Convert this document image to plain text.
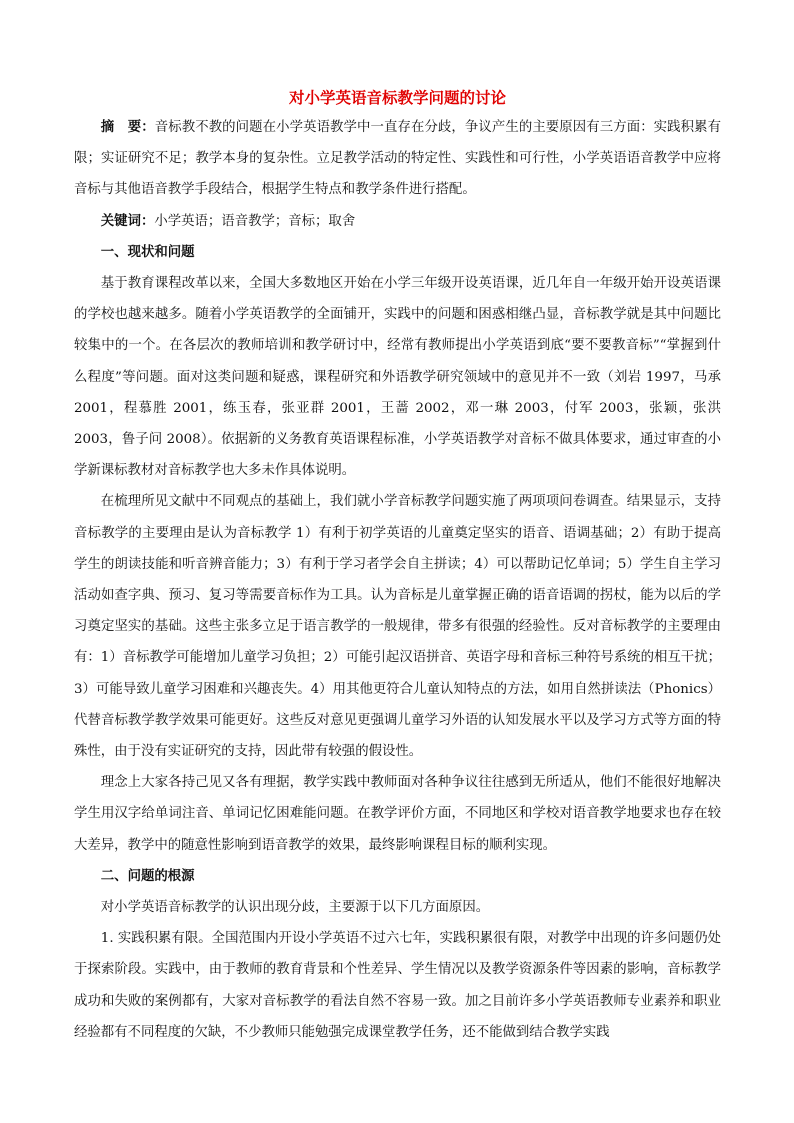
对小学英语音标教学问题的讨论

摘　要：音标教不教的问题在小学英语教学中一直存在分歧，争议产生的主要原因有三方面：实践积累有限；实证研究不足；教学本身的复杂性。立足教学活动的特定性、实践性和可行性，小学英语语音教学中应将音标与其他语音教学手段结合，根据学生特点和教学条件进行搭配。

关键词：小学英语；语音教学；音标；取舍

一、现状和问题

基于教育课程改革以来，全国大多数地区开始在小学三年级开设英语课，近几年自一年级开始开设英语课的学校也越来越多。随着小学英语教学的全面铺开，实践中的问题和困惑相继凸显，音标教学就是其中问题比较集中的一个。在各层次的教师培训和教学研讨中，经常有教师提出小学英语到底“要不要教音标”“掌握到什么程度”等问题。面对这类问题和疑惑，课程研究和外语教学研究领域中的意见并不一致（刘岩 1997，马承 2001，程慕胜 2001，练玉春，张亚群 2001，王蔷 2002，邓一琳 2003，付军 2003，张颖，张洪 2003，鲁子问 2008）。依据新的义务教育英语课程标准，小学英语教学对音标不做具体要求，通过审查的小学新课标教材对音标教学也大多未作具体说明。

在梳理所见文献中不同观点的基础上，我们就小学音标教学问题实施了两项项问卷调查。结果显示，支持音标教学的主要理由是认为音标教学 1）有利于初学英语的儿童奠定坚实的语音、语调基础；2）有助于提高学生的朗读技能和听音辨音能力；3）有利于学习者学会自主拼读；4）可以帮助记忆单词；5）学生自主学习活动如查字典、预习、复习等需要音标作为工具。认为音标是儿童掌握正确的语音语调的拐杖，能为以后的学习奠定坚实的基础。这些主张多立足于语言教学的一般规律，带多有很强的经验性。反对音标教学的主要理由有：1）音标教学可能增加儿童学习负担；2）可能引起汉语拼音、英语字母和音标三种符号系统的相互干扰；3）可能导致儿童学习困难和兴趣丧失。4）用其他更符合儿童认知特点的方法，如用自然拼读法（Phonics）代替音标教学教学效果可能更好。这些反对意见更强调儿童学习外语的认知发展水平以及学习方式等方面的特殊性，由于没有实证研究的支持，因此带有较强的假设性。

理念上大家各持己见又各有理据，教学实践中教师面对各种争议往往感到无所适从，他们不能很好地解决学生用汉字给单词注音、单词记忆困难能问题。在教学评价方面，不同地区和学校对语音教学地要求也存在较大差异，教学中的随意性影响到语音教学的效果，最终影响课程目标的顺利实现。

二、问题的根源

对小学英语音标教学的认识出现分歧，主要源于以下几方面原因。

1. 实践积累有限。全国范围内开设小学英语不过六七年，实践积累很有限，对教学中出现的许多问题仍处于探索阶段。实践中，由于教师的教育背景和个性差异、学生情况以及教学资源条件等因素的影响，音标教学成功和失败的案例都有，大家对音标教学的看法自然不容易一致。加之目前许多小学英语教师专业素养和职业经验都有不同程度的欠缺，不少教师只能勉强完成课堂教学任务，还不能做到结合教学实践
